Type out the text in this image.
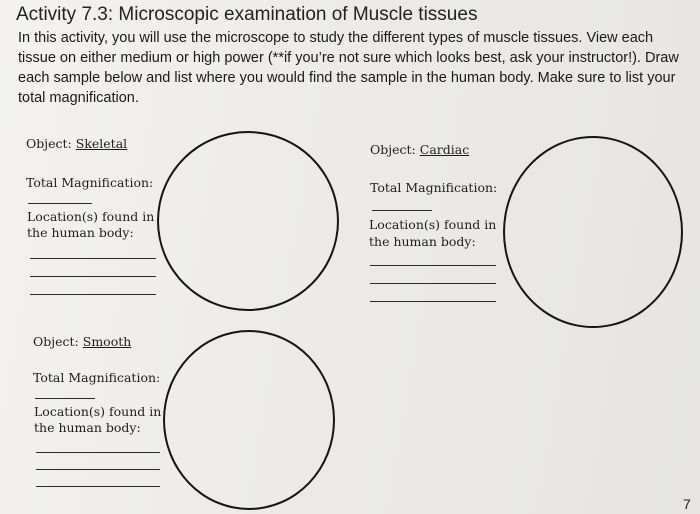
Activity 7.3: Microscopic examination of Muscle tissues
In this activity, you will use the microscope to study the different types of muscle tissues. View each tissue on either medium or high power (**if you’re not sure which looks best, ask your instructor!). Draw each sample below and list where you would find the sample in the human body. Make sure to list your total magnification.
Object: Skeletal
Total Magnification:
Location(s) found in
the human body:
Object: Cardiac
Total Magnification:
Location(s) found in
the human body:
Object: Smooth
Total Magnification:
Location(s) found in
the human body:
7
